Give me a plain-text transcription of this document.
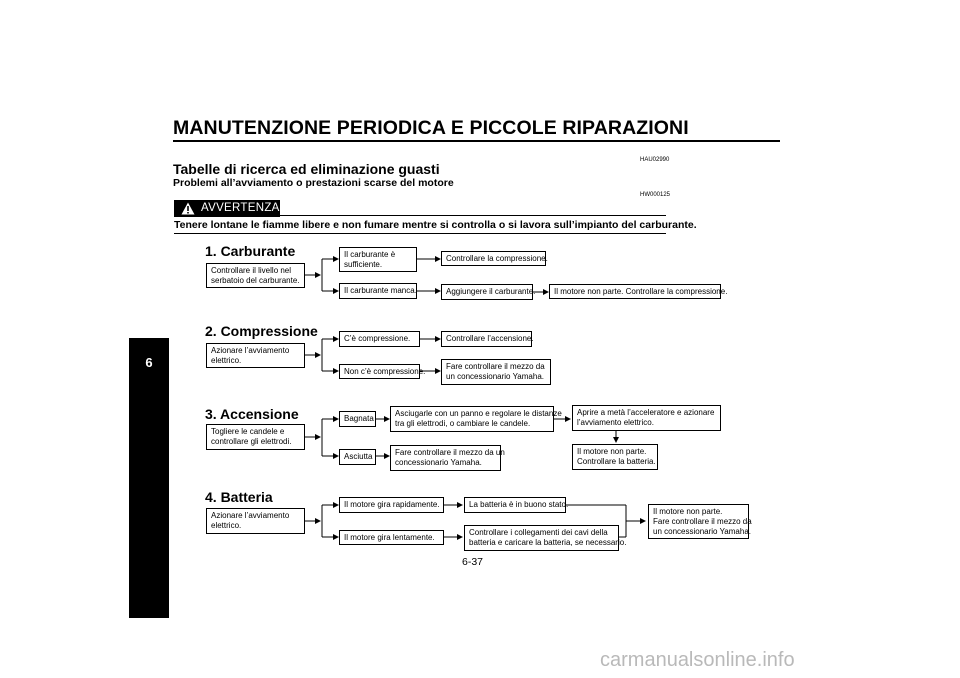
MANUTENZIONE PERIODICA E PICCOLE RIPARAZIONI
HAU02990
Tabelle di ricerca ed eliminazione guasti
Problemi all’avviamento o prestazioni scarse del motore
HW000125
AVVERTENZA
Tenere lontane le fiamme libere e non fumare mentre si controlla o si lavora sull’impianto del carburante.
6
1. Carburante
Controllare il livello nel
serbatoio del carburante.
Il carburante è
sufficiente.
Controllare la compressione.
Il carburante manca.	Aggiungere il carburante.	Il motore non parte. Controllare la compressione.
2. Compressione
Azionare l’avviamento
elettrico.
C’è compressione.	Controllare l’accensione.
Non c’è compressione.
Fare controllare il mezzo da
un concessionario Yamaha.
3. Accensione
Togliere le candele e
controllare gli elettrodi.
Bagnata
Asciugarle con un panno e regolare le distanze
tra gli elettrodi, o cambiare le candele.
Aprire a metà l’acceleratore e azionare
l’avviamento elettrico.
Il motore non parte.
Controllare la batteria.
Asciutta	Fare controllare il mezzo da un
concessionario Yamaha.
4. Batteria
Azionare l’avviamento
elettrico.
Il motore gira rapidamente.	La batteria è in buono stato.
Il motore gira lentamente.
Controllare i collegamenti dei cavi della
batteria e caricare la batteria, se necessario.
Il motore non parte.
Fare controllare il mezzo da
un concessionario Yamaha.
6-37
carmanualsonline.info
